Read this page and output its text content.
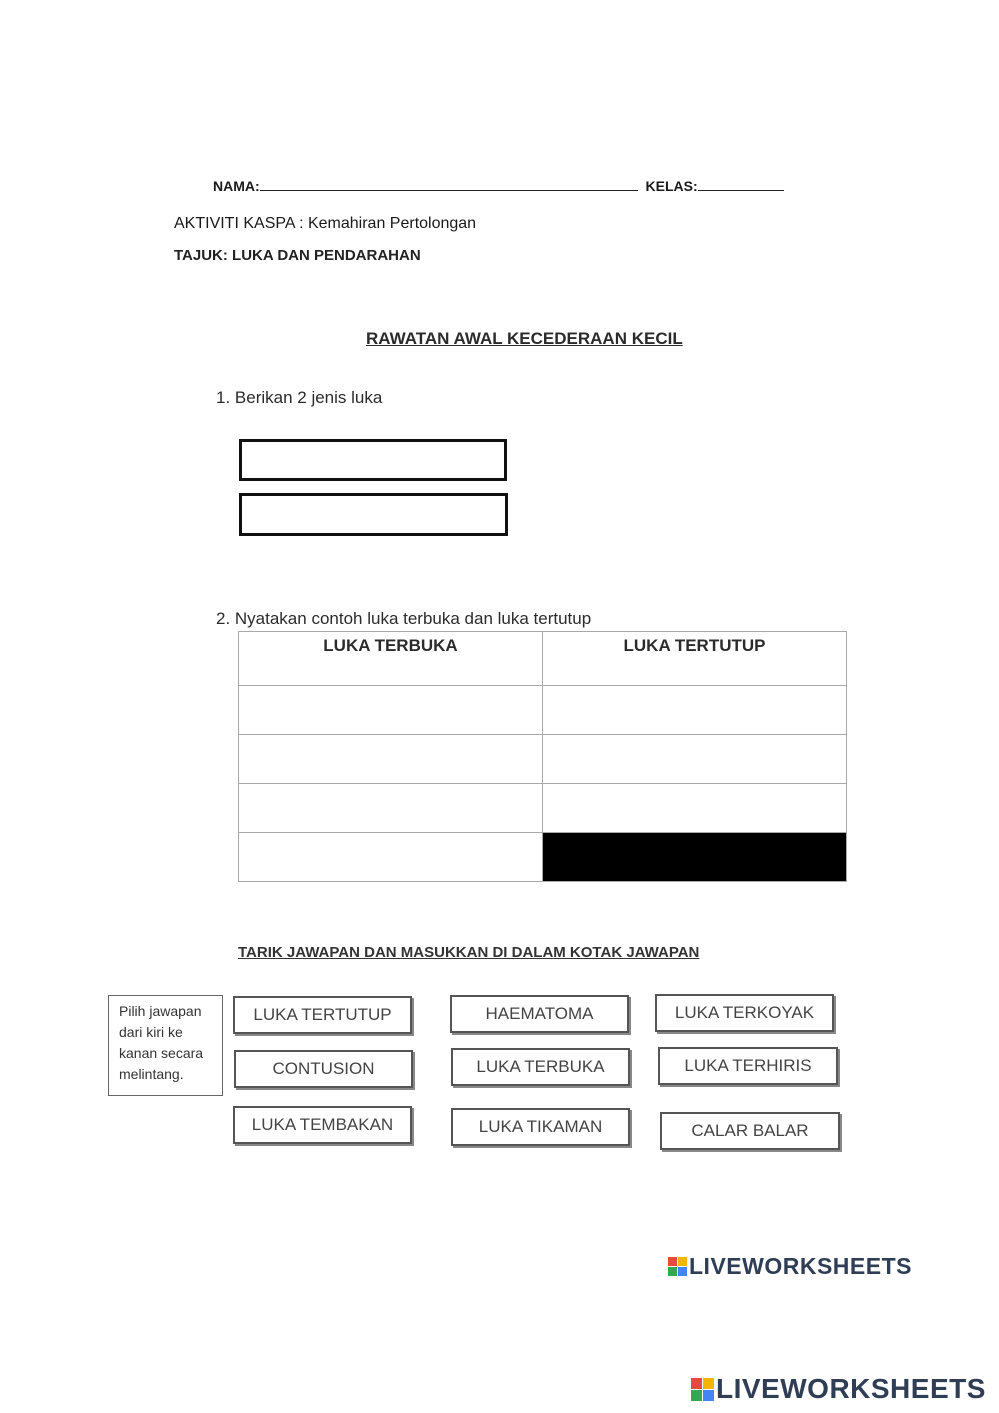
NAMA:	KELAS:
AKTIVITI KASPA : Kemahiran Pertolongan
TAJUK: LUKA DAN PENDARAHAN
RAWATAN AWAL KECEDERAAN KECIL
1. Berikan 2 jenis luka
2. Nyatakan contoh luka terbuka dan luka tertutup
LUKA TERBUKA	LUKA TERTUTUP

TARIK JAWAPAN DAN MASUKKAN DI DALAM KOTAK JAWAPAN
Pilih jawapan dari kiri ke kanan secara melintang.
LUKA TERTUTUP	HAEMATOMA	LUKA TERKOYAK
CONTUSION	LUKA TERBUKA	LUKA TERHIRIS
LUKA TEMBAKAN	LUKA TIKAMAN	CALAR BALAR
LIVEWORKSHEETS
LIVEWORKSHEETS
